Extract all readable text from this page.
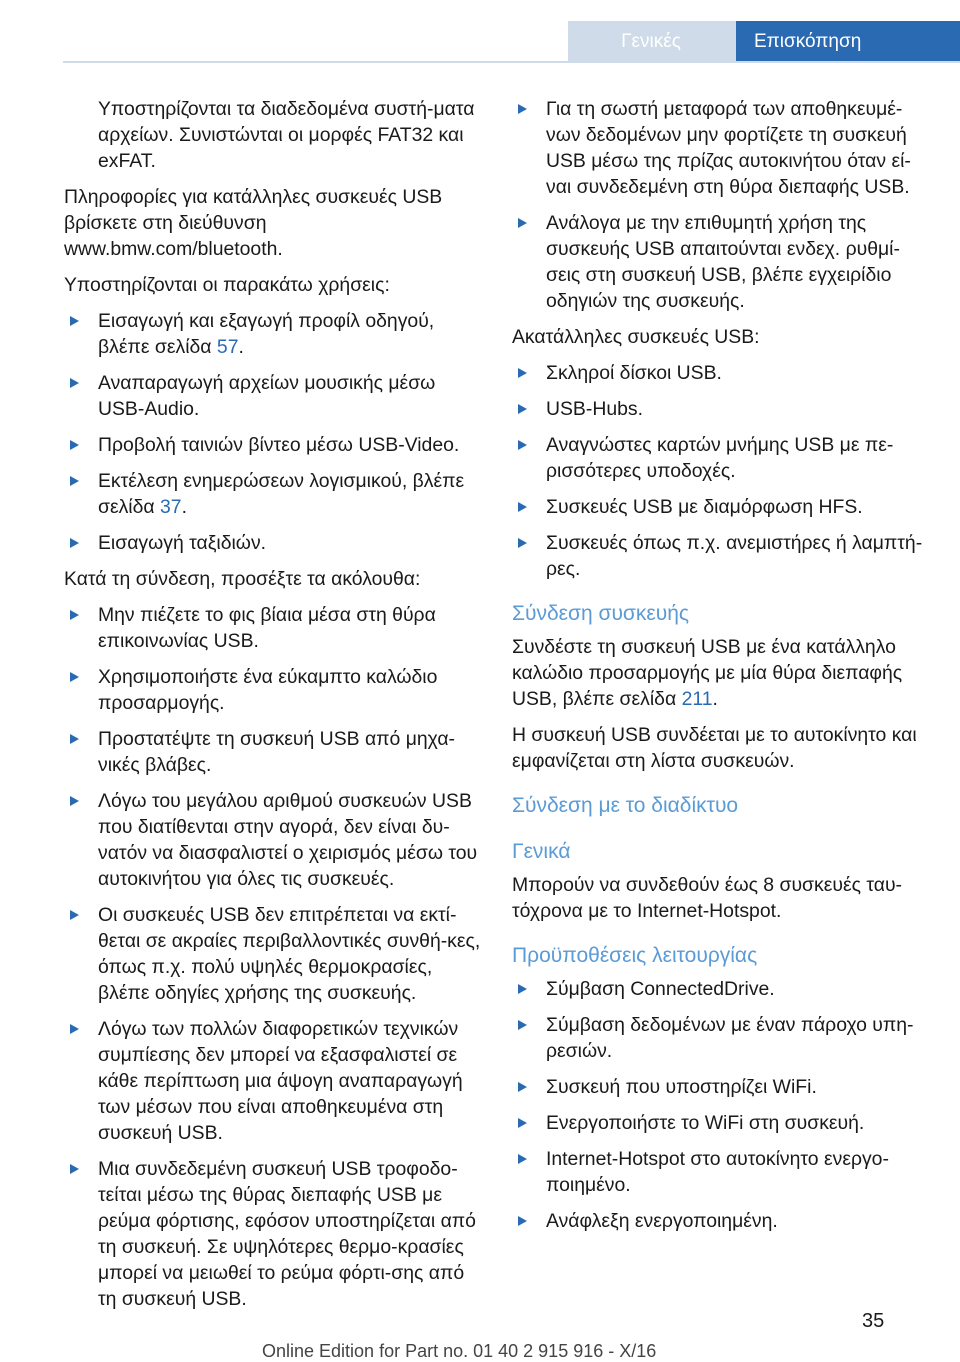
Γενικές ρυθμίσεις
Επισκόπηση
Υποστηρίζονται τα διαδεδομένα συστή-ματα αρχείων. Συνιστώνται οι μορφές FAT32 και exFAT.
Πληροφορίες για κατάλληλες συσκευές USB βρίσκετε στη διεύθυνση www.bmw.com/bluetooth.
Υποστηρίζονται οι παρακάτω χρήσεις:
Εισαγωγή και εξαγωγή προφίλ οδηγού, βλέπε σελίδα 57.
Αναπαραγωγή αρχείων μουσικής μέσω USB-Audio.
Προβολή ταινιών βίντεο μέσω USB-Video.
Εκτέλεση ενημερώσεων λογισμικού, βλέπε σελίδα 37.
Εισαγωγή ταξιδιών.
Κατά τη σύνδεση, προσέξτε τα ακόλουθα:
Μην πιέζετε το φις βίαια μέσα στη θύρα επικοινωνίας USB.
Χρησιμοποιήστε ένα εύκαμπτο καλώδιο προσαρμογής.
Προστατέψτε τη συσκευή USB από μηχα-νικές βλάβες.
Λόγω του μεγάλου αριθμού συσκευών USB που διατίθενται στην αγορά, δεν είναι δυ-νατόν να διασφαλιστεί ο χειρισμός μέσω του αυτοκινήτου για όλες τις συσκευές.
Οι συσκευές USB δεν επιτρέπεται να εκτί-θεται σε ακραίες περιβαλλοντικές συνθή-κες, όπως π.χ. πολύ υψηλές θερμοκρασίες, βλέπε οδηγίες χρήσης της συσκευής.
Λόγω των πολλών διαφορετικών τεχνικών συμπίεσης δεν μπορεί να εξασφαλιστεί σε κάθε περίπτωση μια άψογη αναπαραγωγή των μέσων που είναι αποθηκευμένα στη συσκευή USB.
Μια συνδεδεμένη συσκευή USB τροφοδο-τείται μέσω της θύρας διεπαφής USB με ρεύμα φόρτισης, εφόσον υποστηρίζεται από τη συσκευή. Σε υψηλότερες θερμο-κρασίες μπορεί να μειωθεί το ρεύμα φόρτι-σης από τη συσκευή USB.
Για τη σωστή μεταφορά των αποθηκευμέ-νων δεδομένων μην φορτίζετε τη συσκευή USB μέσω της πρίζας αυτοκινήτου όταν εί-ναι συνδεδεμένη στη θύρα διεπαφής USB.
Ανάλογα με την επιθυμητή χρήση της συσκευής USB απαιτούνται ενδεχ. ρυθμί-σεις στη συσκευή USB, βλέπε εγχειρίδιο οδηγιών της συσκευής.
Ακατάλληλες συσκευές USB:
Σκληροί δίσκοι USB.
USB-Hubs.
Αναγνώστες καρτών μνήμης USB με πε-ρισσότερες υποδοχές.
Συσκευές USB με διαμόρφωση HFS.
Συσκευές όπως π.χ. ανεμιστήρες ή λαμπτή-ρες.
Σύνδεση συσκευής
Συνδέστε τη συσκευή USB με ένα κατάλληλο καλώδιο προσαρμογής με μία θύρα διεπαφής USB, βλέπε σελίδα 211.
Η συσκευή USB συνδέεται με το αυτοκίνητο και εμφανίζεται στη λίστα συσκευών.
Σύνδεση με το διαδίκτυο
Γενικά
Μπορούν να συνδεθούν έως 8 συσκευές ταυ-τόχρονα με το Internet-Hotspot.
Προϋποθέσεις λειτουργίας
Σύμβαση ConnectedDrive.
Σύμβαση δεδομένων με έναν πάροχο υπη-ρεσιών.
Συσκευή που υποστηρίζει WiFi.
Ενεργοποιήστε το WiFi στη συσκευή.
Internet-Hotspot στο αυτοκίνητο ενεργο-ποιημένο.
Ανάφλεξη ενεργοποιημένη.
35
Online Edition for Part no. 01 40 2 915 916 - X/16
